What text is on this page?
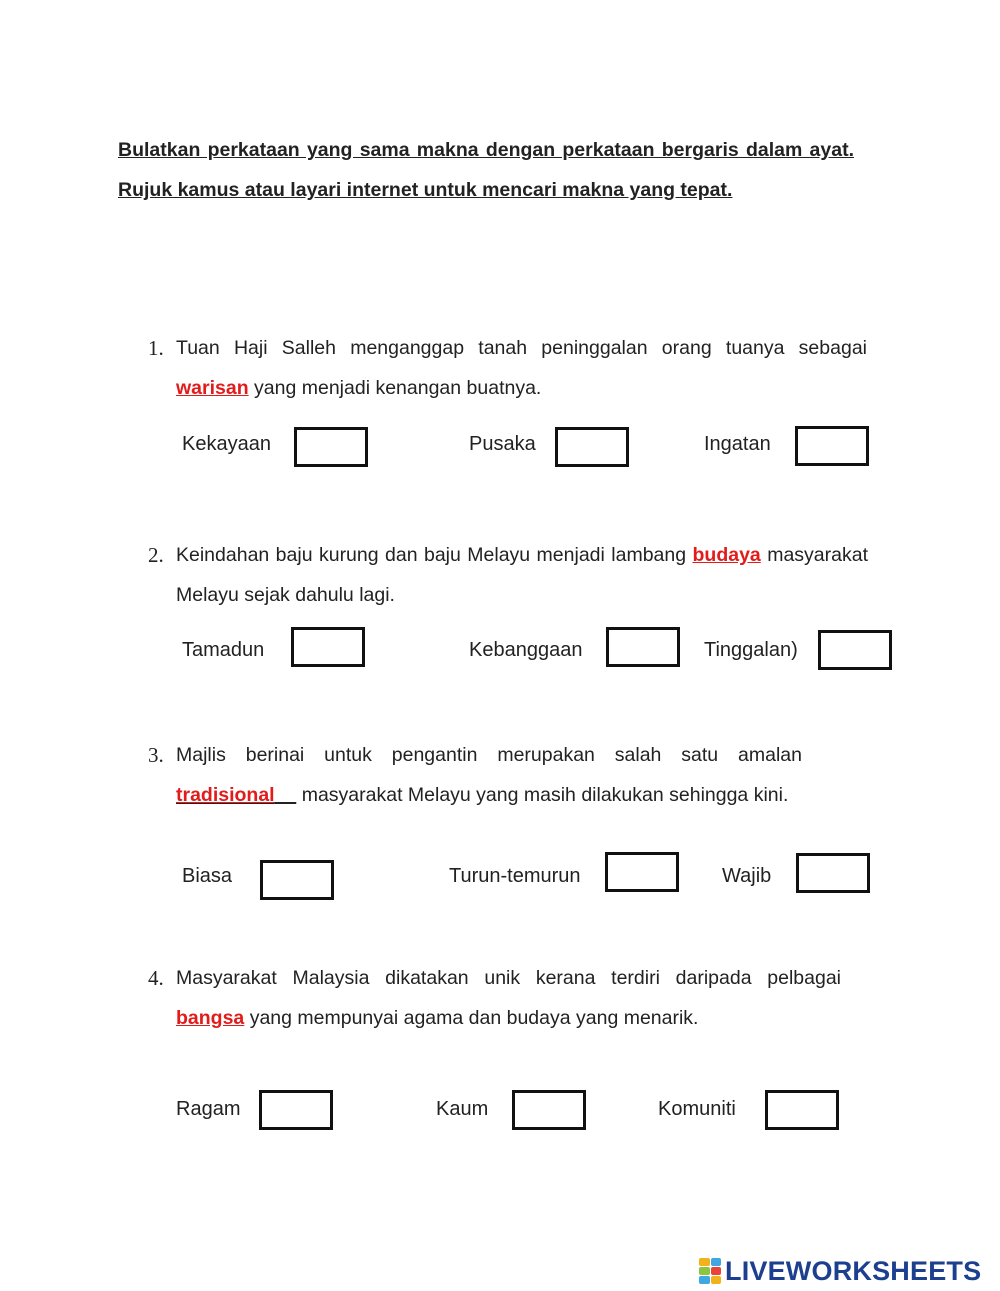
Bulatkan perkataan yang sama makna dengan perkataan bergaris dalam ayat. Rujuk kamus atau layari internet untuk mencari makna yang tepat.
1. Tuan Haji Salleh menganggap tanah peninggalan orang tuanya sebagai warisan yang menjadi kenangan buatnya.
Kekayaan	Pusaka	Ingatan
2. Keindahan baju kurung dan baju Melayu menjadi lambang budaya masyarakat Melayu sejak dahulu lagi.
Tamadun	Kebanggaan	Tinggalan)
3. Majlis berinai untuk pengantin merupakan salah satu amalan tradisional     masyarakat Melayu yang masih dilakukan sehingga kini.
Biasa	Turun-temurun	Wajib
4. Masyarakat Malaysia dikatakan unik kerana terdiri daripada pelbagai bangsa yang mempunyai agama dan budaya yang menarik.
Ragam	Kaum	Komuniti
LIVEWORKSHEETS
